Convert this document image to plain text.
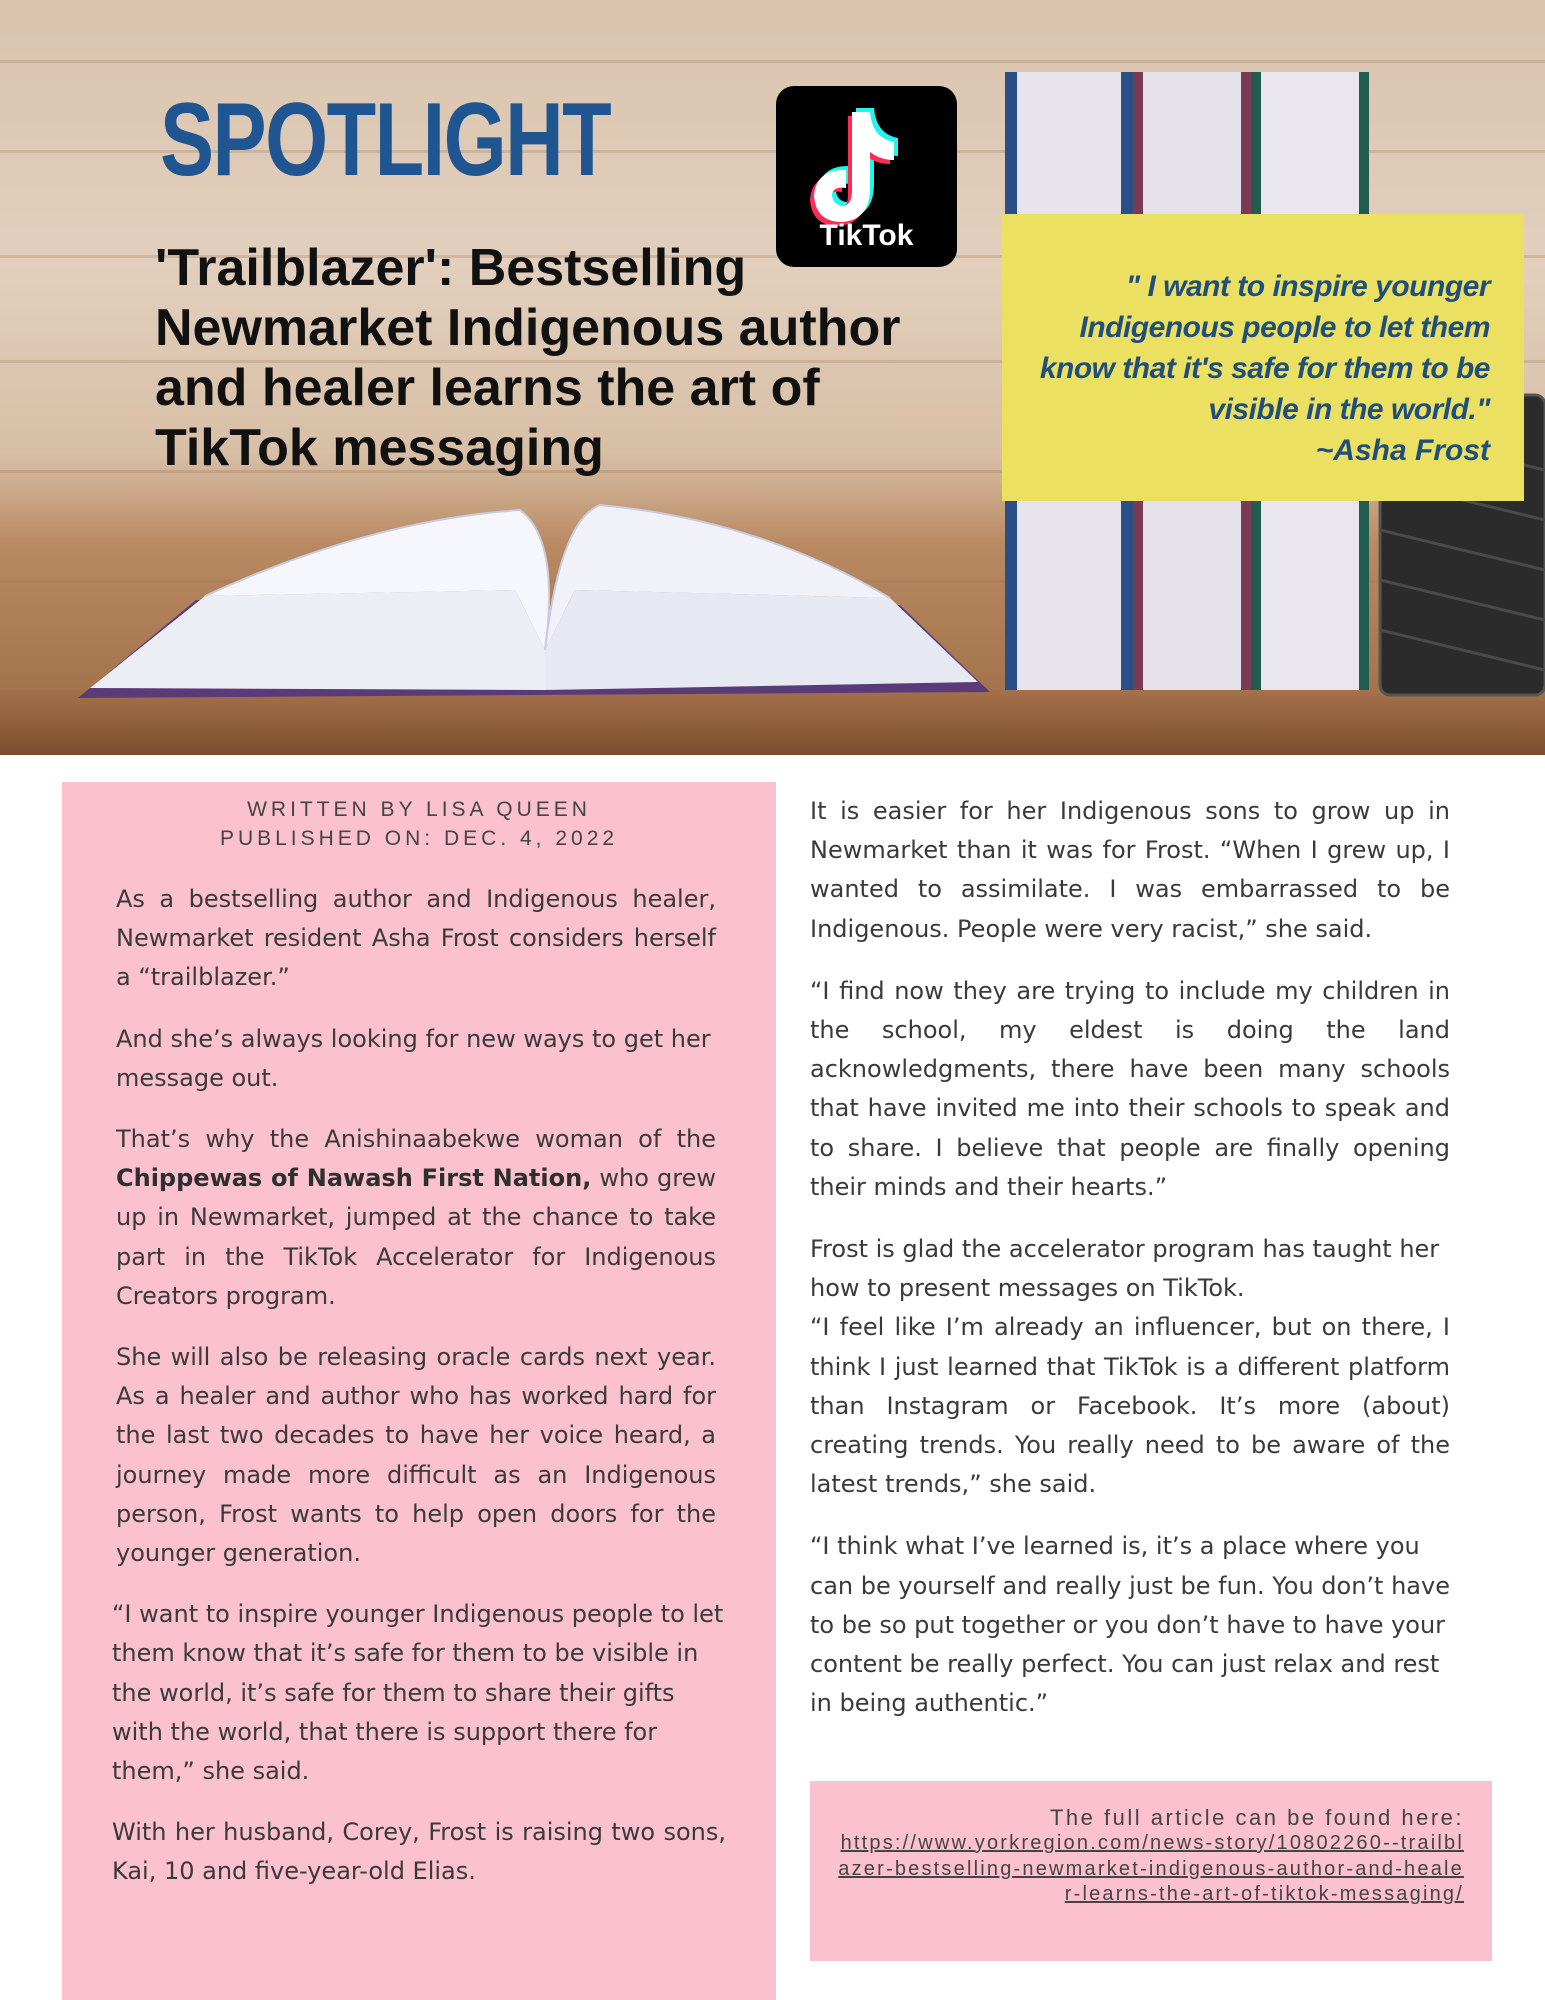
SPOTLIGHT
'Trailblazer': Bestselling Newmarket Indigenous author and healer learns the art of TikTok messaging
TikTok
" I want to inspire younger Indigenous people to let them know that it's safe for them to be visible in the world."
~Asha Frost
WRITTEN BY LISA QUEEN
PUBLISHED ON: DEC. 4, 2022

As a bestselling author and Indigenous healer, Newmarket resident Asha Frost considers herself a “trailblazer.”

And she’s always looking for new ways to get her message out.

That’s why the Anishinaabekwe woman of the Chippewas of Nawash First Nation, who grew up in Newmarket, jumped at the chance to take part in the TikTok Accelerator for Indigenous Creators program.

She will also be releasing oracle cards next year. As a healer and author who has worked hard for the last two decades to have her voice heard, a journey made more difficult as an Indigenous person, Frost wants to help open doors for the younger generation.

“I want to inspire younger Indigenous people to let them know that it’s safe for them to be visible in the world, it’s safe for them to share their gifts with the world, that there is support there for them,” she said.

With her husband, Corey, Frost is raising two sons, Kai, 10 and five-year-old Elias.

It is easier for her Indigenous sons to grow up in Newmarket than it was for Frost. “When I grew up, I wanted to assimilate. I was embarrassed to be Indigenous. People were very racist,” she said.

“I find now they are trying to include my children in the school, my eldest is doing the land acknowledgments, there have been many schools that have invited me into their schools to speak and to share. I believe that people are finally opening their minds and their hearts.”

Frost is glad the accelerator program has taught her how to present messages on TikTok.

“I feel like I’m already an influencer, but on there, I think I just learned that TikTok is a different platform than Instagram or Facebook. It’s more (about) creating trends. You really need to be aware of the latest trends,” she said.

“I think what I’ve learned is, it’s a place where you can be yourself and really just be fun. You don’t have to be so put together or you don’t have to have your content be really perfect. You can just relax and rest in being authentic.”

The full article can be found here:
https://www.yorkregion.com/news-story/10802260--trailblazer-bestselling-newmarket-indigenous-author-and-healer-learns-the-art-of-tiktok-messaging/
